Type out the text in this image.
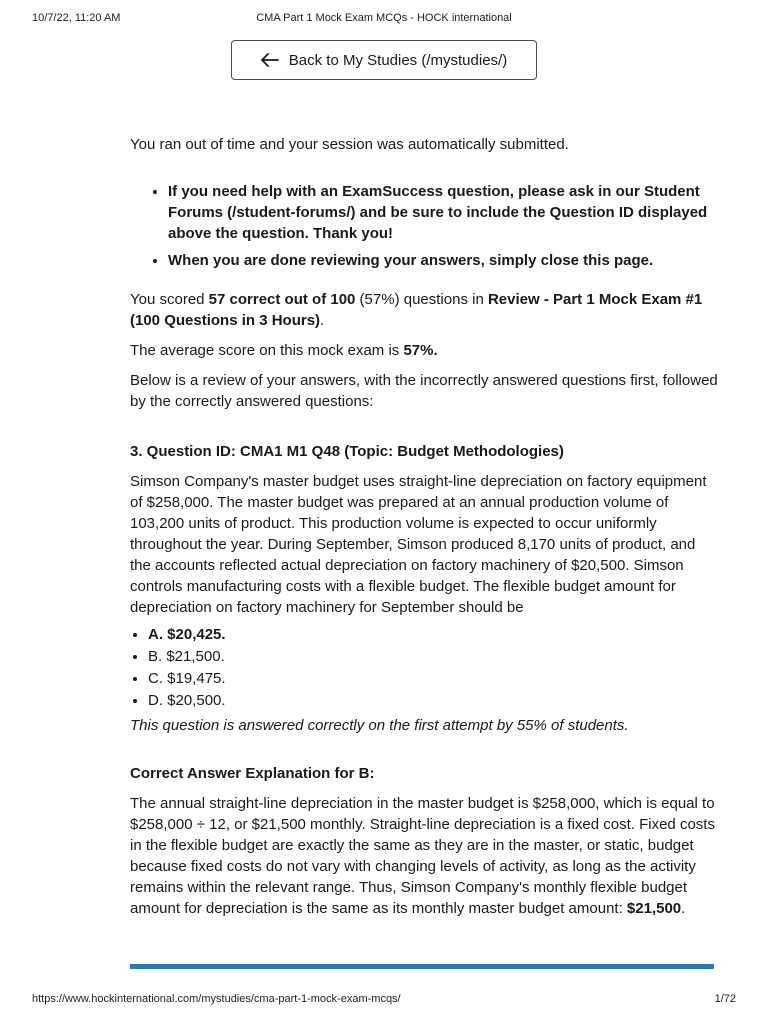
10/7/22, 11:20 AM	CMA Part 1 Mock Exam MCQs - HOCK international
Back to My Studies (/mystudies/)

You ran out of time and your session was automatically submitted.

• If you need help with an ExamSuccess question, please ask in our Student Forums (/student-forums/) and be sure to include the Question ID displayed above the question. Thank you!
• When you are done reviewing your answers, simply close this page.

You scored 57 correct out of 100 (57%) questions in Review - Part 1 Mock Exam #1 (100 Questions in 3 Hours).

The average score on this mock exam is 57%.

Below is a review of your answers, with the incorrectly answered questions first, followed by the correctly answered questions:

3. Question ID: CMA1 M1 Q48 (Topic: Budget Methodologies)

Simson Company's master budget uses straight-line depreciation on factory equipment of $258,000. The master budget was prepared at an annual production volume of 103,200 units of product. This production volume is expected to occur uniformly throughout the year. During September, Simson produced 8,170 units of product, and the accounts reflected actual depreciation on factory machinery of $20,500. Simson controls manufacturing costs with a flexible budget. The flexible budget amount for depreciation on factory machinery for September should be

• A. $20,425.
• B. $21,500.
• C. $19,475.
• D. $20,500.

This question is answered correctly on the first attempt by 55% of students.

Correct Answer Explanation for B:

The annual straight-line depreciation in the master budget is $258,000, which is equal to $258,000 ÷ 12, or $21,500 monthly. Straight-line depreciation is a fixed cost. Fixed costs in the flexible budget are exactly the same as they are in the master, or static, budget because fixed costs do not vary with changing levels of activity, as long as the activity remains within the relevant range. Thus, Simson Company's monthly flexible budget amount for depreciation is the same as its monthly master budget amount: $21,500.

https://www.hockinternational.com/mystudies/cma-part-1-mock-exam-mcqs/	1/72
